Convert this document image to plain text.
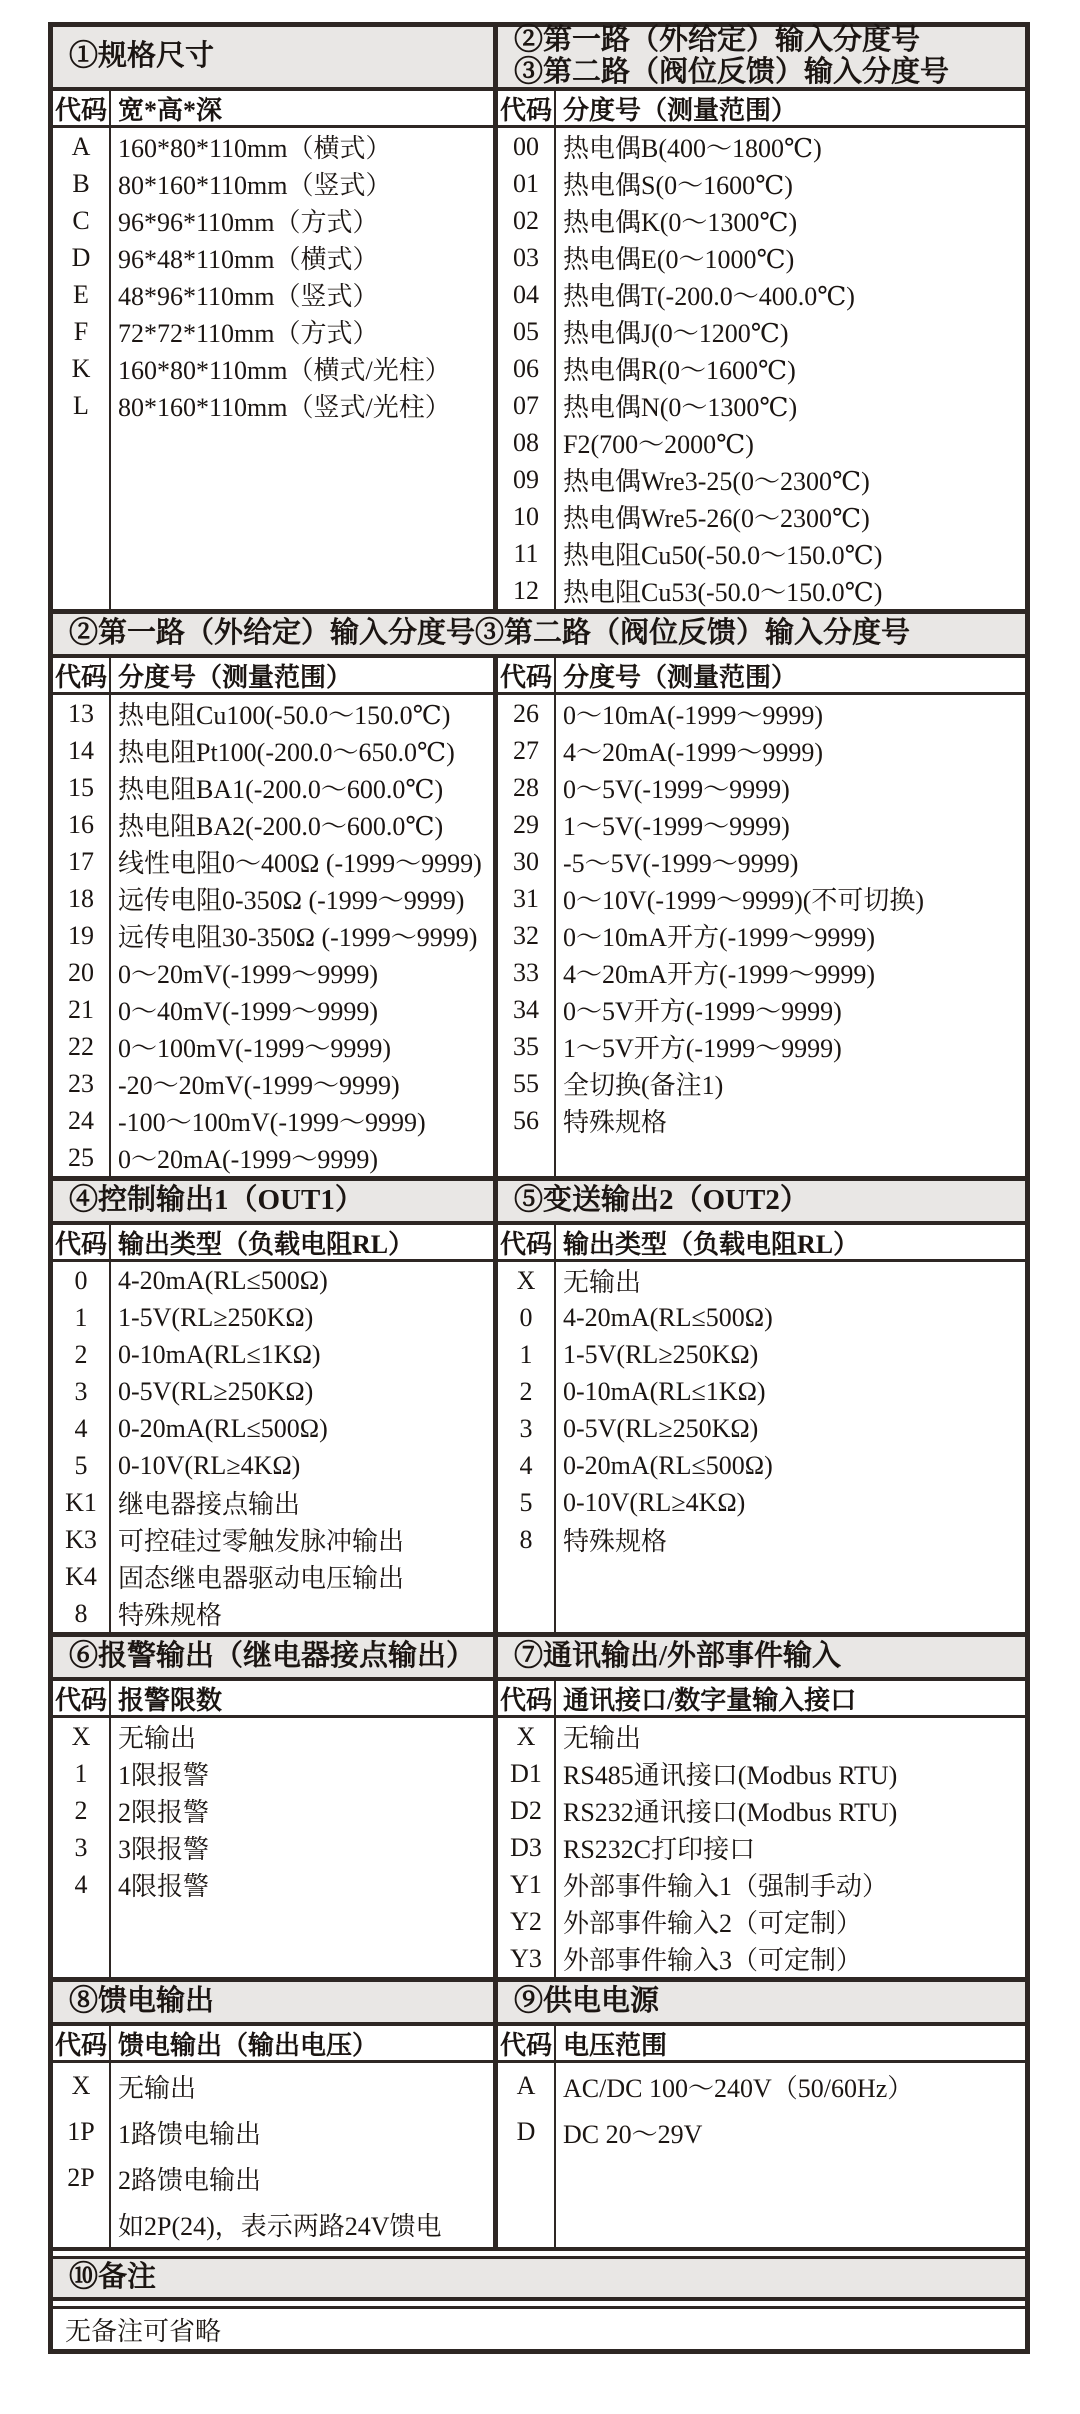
①规格尺寸
代码 宽*高*深
A
B
C
D
E
F
K
L
160*80*110mm（横式）
80*160*110mm（竖式）
96*96*110mm（方式）
96*48*110mm（横式）
48*96*110mm（竖式）
72*72*110mm（方式）
160*80*110mm（横式/光柱）
80*160*110mm（竖式/光柱）
②第一路（外给定）输入分度号
③第二路（阀位反馈）输入分度号
代码 分度号（测量范围）
00
01
02
03
04
05
06
07
08
09
10
11
12
热电偶B(400～1800℃)
热电偶S(0～1600℃)
热电偶K(0～1300℃)
热电偶E(0～1000℃)
热电偶T(-200.0～400.0℃)
热电偶J(0～1200℃)
热电偶R(0～1600℃)
热电偶N(0～1300℃)
F2(700～2000℃)
热电偶Wre3-25(0～2300℃)
热电偶Wre5-26(0～2300℃)
热电阻Cu50(-50.0～150.0℃)
热电阻Cu53(-50.0～150.0℃)
②第一路（外给定）输入分度号③第二路（阀位反馈）输入分度号
代码 分度号（测量范围）
13
14
15
16
17
18
19
20
21
22
23
24
25
热电阻Cu100(-50.0～150.0℃)
热电阻Pt100(-200.0～650.0℃)
热电阻BA1(-200.0～600.0℃)
热电阻BA2(-200.0～600.0℃)
线性电阻0～400Ω (-1999～9999)
远传电阻0-350Ω (-1999～9999)
远传电阻30-350Ω (-1999～9999)
0～20mV(-1999～9999)
0～40mV(-1999～9999)
0～100mV(-1999～9999)
-20～20mV(-1999～9999)
-100～100mV(-1999～9999)
0～20mA(-1999～9999)
代码 分度号（测量范围）
26
27
28
29
30
31
32
33
34
35
55
56
0～10mA(-1999～9999)
4～20mA(-1999～9999)
0～5V(-1999～9999)
1～5V(-1999～9999)
-5～5V(-1999～9999)
0～10V(-1999～9999)(不可切换)
0～10mA开方(-1999～9999)
4～20mA开方(-1999～9999)
0～5V开方(-1999～9999)
1～5V开方(-1999～9999)
全切换(备注1)
特殊规格
④控制输出1（OUT1）
代码 输出类型（负载电阻RL）
0
1
2
3
4
5
K1
K3
K4
8
4-20mA(RL≤500Ω)
1-5V(RL≥250KΩ)
0-10mA(RL≤1KΩ)
0-5V(RL≥250KΩ)
0-20mA(RL≤500Ω)
0-10V(RL≥4KΩ)
继电器接点输出
可控硅过零触发脉冲输出
固态继电器驱动电压输出
特殊规格
⑤变送输出2（OUT2）
代码 输出类型（负载电阻RL）
X
0
1
2
3
4
5
8
无输出
4-20mA(RL≤500Ω)
1-5V(RL≥250KΩ)
0-10mA(RL≤1KΩ)
0-5V(RL≥250KΩ)
0-20mA(RL≤500Ω)
0-10V(RL≥4KΩ)
特殊规格
⑥报警输出（继电器接点输出）
代码 报警限数
X
1
2
3
4
无输出
1限报警
2限报警
3限报警
4限报警
⑦通讯输出/外部事件输入
代码 通讯接口/数字量输入接口
X
D1
D2
D3
Y1
Y2
Y3
无输出
RS485通讯接口(Modbus RTU)
RS232通讯接口(Modbus RTU)
RS232C打印接口
外部事件输入1（强制手动）
外部事件输入2（可定制）
外部事件输入3（可定制）
⑧馈电输出
代码 馈电输出（输出电压）
X
1P
2P
无输出
1路馈电输出
2路馈电输出
如2P(24)，表示两路24V馈电
⑨供电电源
代码 电压范围
A
D
AC/DC 100～240V（50/60Hz）
DC 20～29V
⑩备注
无备注可省略
